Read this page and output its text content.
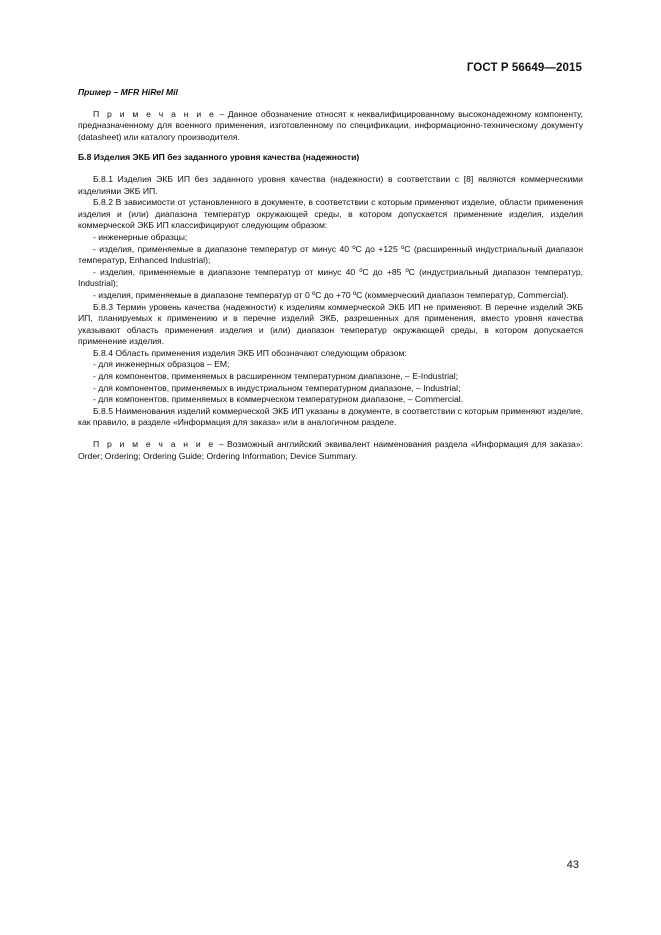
ГОСТ Р 56649—2015

Пример – MFR HiRel Mil

П р и м е ч а н и е – Данное обозначение относят к неквалифицированному высоконадежному компоненту, предназначенному для военного применения, изготовленному по спецификации, информационно-техническому документу (datasheet) или каталогу производителя.

Б.8 Изделия ЭКБ ИП без заданного уровня качества (надежности)

Б.8.1 Изделия ЭКБ ИП без заданного уровня качества (надежности) в соответствии с [8] являются коммерческими изделиями ЭКБ ИП.

Б.8.2 В зависимости от установленного в документе, в соответствии с которым применяют изделие, области применения изделия и (или) диапазона температур окружающей среды, в котором допускается применение изделия, изделия коммерческой ЭКБ ИП классифицируют следующим образом:

- инженерные образцы;

- изделия, применяемые в диапазоне температур от минус 40 ºС до +125 ºС (расширенный индустриальный диапазон температур, Enhanced Industrial);

- изделия, применяемые в диапазоне температур от минус 40 ºС до +85 ºС (индустриальный диапазон температур, Industrial);

- изделия, применяемые в диапазоне температур от 0 ºС до +70 ºС (коммерческий диапазон температур, Commercial).

Б.8.3 Термин уровень качества (надежности) к изделиям коммерческой ЭКБ ИП не применяют. В перечне изделий ЭКБ ИП, планируемых к применению и в перечне изделий ЭКБ, разрешенных для применения, вместо уровня качества указывают область применения изделия и (или) диапазон температур окружающей среды, в котором допускается применение изделия.

Б.8.4 Область применения изделия ЭКБ ИП обозначают следующим образом:

- для инженерных образцов – ЕМ;

- для компонентов, применяемых в расширенном температурном диапазоне, – E-Industrial;

- для компонентов, применяемых в индустриальном температурном диапазоне, – Industrial;

- для компонентов, применяемых в коммерческом температурном диапазоне, – Commercial.

Б.8.5 Наименования изделий коммерческой ЭКБ ИП указаны в документе, в соответствии с которым применяют изделие, как правило, в разделе «Информация для заказа» или в аналогичном разделе.

П р и м е ч а н и е – Возможный английский эквивалент наименования раздела «Информация для заказа»: Order; Ordering; Ordering Guide; Ordering Information; Device Summary.

43
